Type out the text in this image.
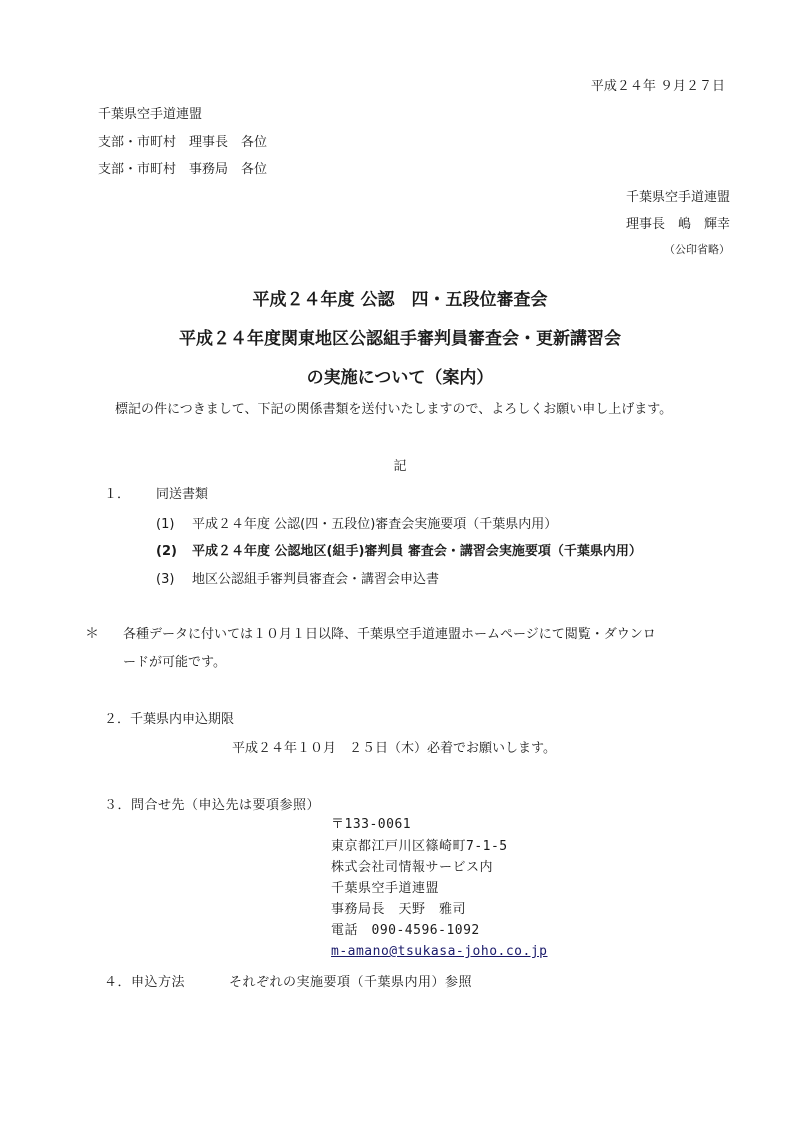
平成２４年 ９月２７日
千葉県空手道連盟
支部・市町村　理事長　各位
支部・市町村　事務局　各位
千葉県空手道連盟
理事長　嶋　輝幸
（公印省略）
平成２４年度 公認　四・五段位審査会
平成２４年度関東地区公認組手審判員審査会・更新講習会
の実施について（案内）
標記の件につきまして、下記の関係書類を送付いたしますので、よろしくお願い申し上げます。
記
１． 同送書類
(1) 平成２４年度 公認(四・五段位)審査会実施要項（千葉県内用）
(2) 平成２４年度 公認地区(組手)審判員 審査会・講習会実施要項（千葉県内用）
(3) 地区公認組手審判員審査会・講習会申込書
＊ 各種データに付いては１０月１日以降、千葉県空手道連盟ホームページにて閲覧・ダウンロ
ードが可能です。
２．千葉県内申込期限
平成２４年１０月　２５日（木）必着でお願いします。
３．問合せ先（申込先は要項参照）
〒133-0061
東京都江戸川区篠崎町7-1-5
株式会社司情報サービス内
千葉県空手道連盟
事務局長　天野　雅司
電話　090-4596-1092
m-amano@tsukasa-joho.co.jp
４．申込方法	それぞれの実施要項（千葉県内用）参照
